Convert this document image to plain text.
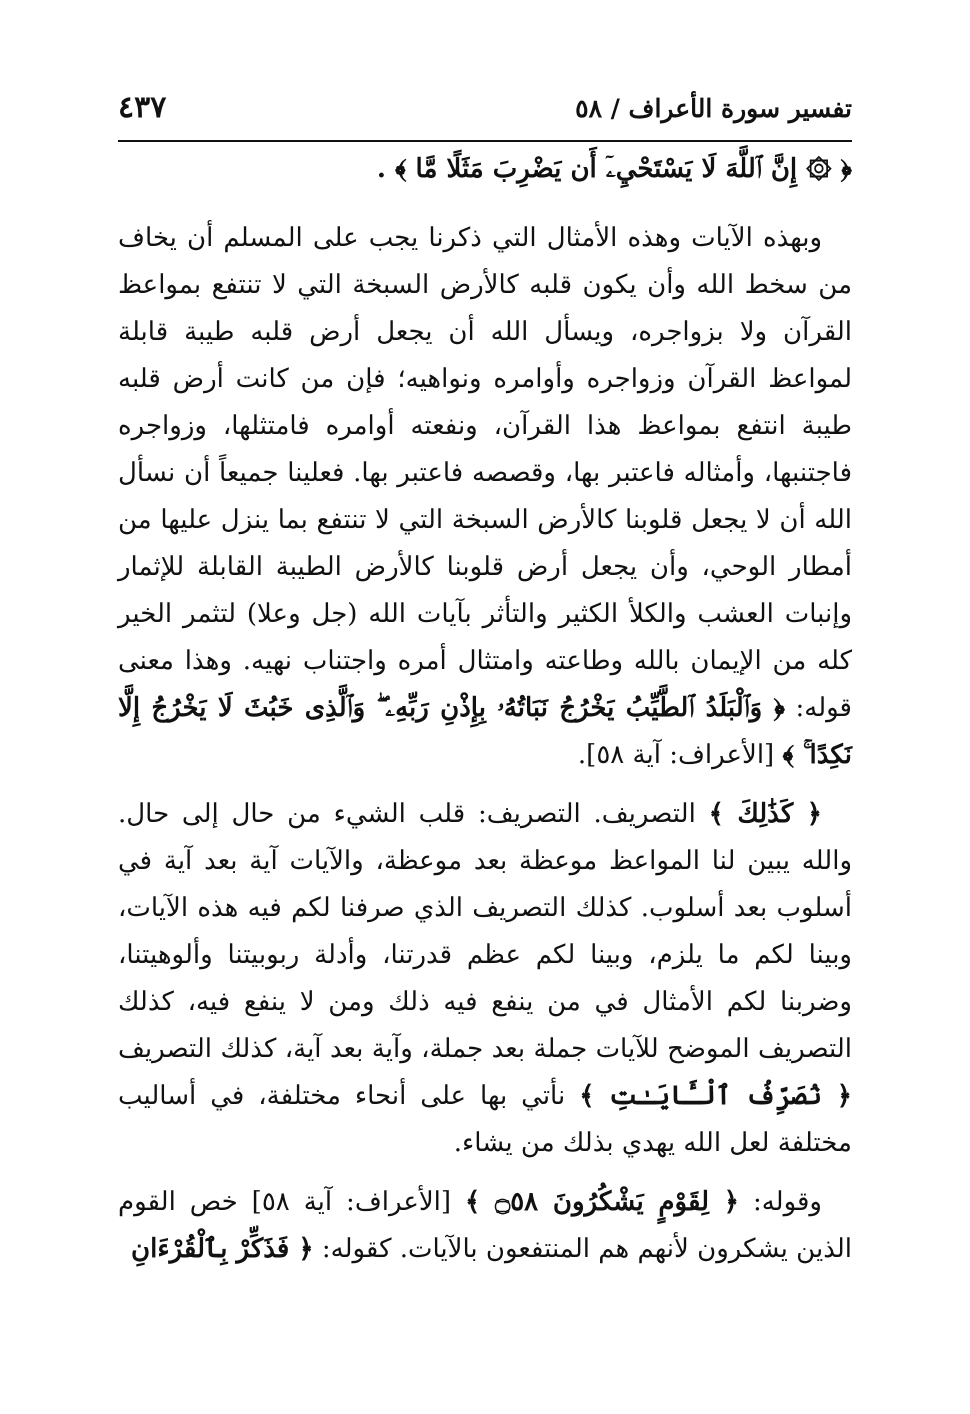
تفسير سورة الأعراف / ٥٨
٤٣٧

﴿ ۞ إِنَّ ٱللَّهَ لَا يَسْتَحْيِۦٓ أَن يَضْرِبَ مَثَلًا مَّا ﴾ .

وبهذه الآيات وهذه الأمثال التي ذكرنا يجب على المسلم أن يخاف من سخط الله وأن يكون قلبه كالأرض السبخة التي لا تنتفع بمواعظ القرآن ولا بزواجره، ويسأل الله أن يجعل أرض قلبه طيبة قابلة لمواعظ القرآن وزواجره وأوامره ونواهيه؛ فإن من كانت أرض قلبه طيبة انتفع بمواعظ هذا القرآن، ونفعته أوامره فامتثلها، وزواجره فاجتنبها، وأمثاله فاعتبر بها، وقصصه فاعتبر بها. فعلينا جميعاً أن نسأل الله أن لا يجعل قلوبنا كالأرض السبخة التي لا تنتفع بما ينزل عليها من أمطار الوحي، وأن يجعل أرض قلوبنا كالأرض الطيبة القابلة للإثمار وإنبات العشب والكلأ الكثير والتأثر بآيات الله (جل وعلا) لتثمر الخير كله من الإيمان بالله وطاعته وامتثال أمره واجتناب نهيه. وهذا معنى قوله: ﴿ وَٱلْبَلَدُ ٱلطَّيِّبُ يَخْرُجُ نَبَاتُهُۥ بِإِذْنِ رَبِّهِۦ ۖ وَٱلَّذِى خَبُثَ لَا يَخْرُجُ إِلَّا نَكِدًا ۚ ﴾ [الأعراف: آية ٥٨].

﴿ كَذَٰلِكَ ﴾ التصريف. التصريف: قلب الشيء من حال إلى حال. والله يبين لنا المواعظ موعظة بعد موعظة، والآيات آية بعد آية في أسلوب بعد أسلوب. كذلك التصريف الذي صرفنا لكم فيه هذه الآيات، وبينا لكم ما يلزم، وبينا لكم عظم قدرتنا، وأدلة ربوبيتنا وألوهيتنا، وضربنا لكم الأمثال في من ينفع فيه ذلك ومن لا ينفع فيه، كذلك التصريف الموضح للآيات جملة بعد جملة، وآية بعد آية، كذلك التصريف ﴿ نُصَرِّفُ ٱلْـَٔايَـٰتِ ﴾ نأتي بها على أنحاء مختلفة، في أساليب مختلفة لعل الله يهدي بذلك من يشاء.

وقوله: ﴿ لِقَوْمٍ يَشْكُرُونَ ۝٥٨ ﴾ [الأعراف: آية ٥٨] خص القوم الذين يشكرون لأنهم هم المنتفعون بالآيات. كقوله: ﴿ فَذَكِّرْ بِٱلْقُرْءَانِ
